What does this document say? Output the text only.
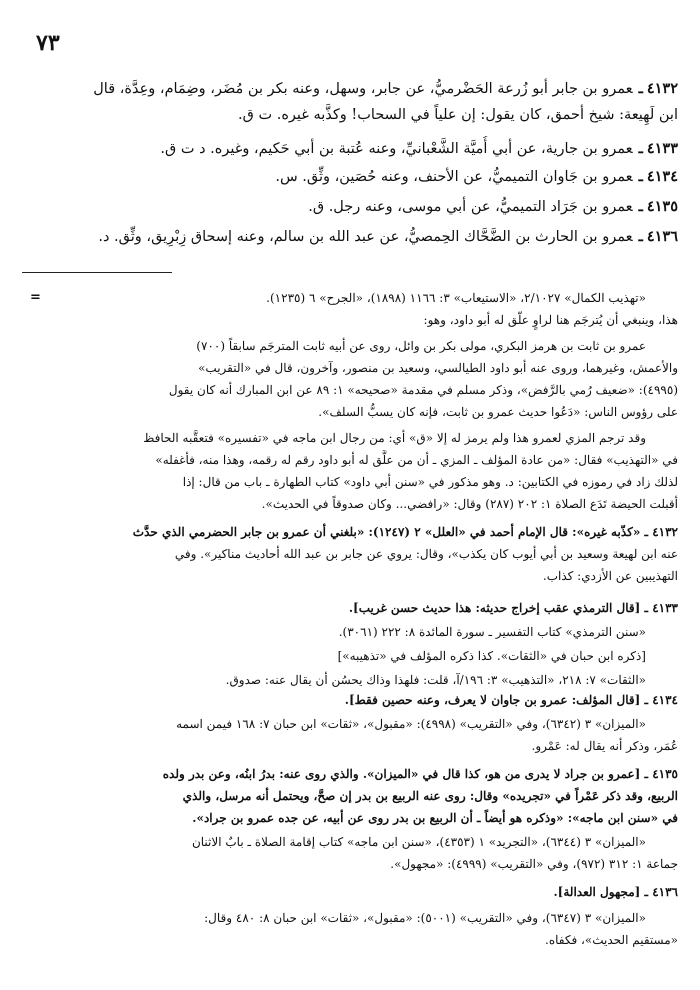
٧٣
٤١٣٢ـعمرو بن جابر أبو زُرعة الحَضْرميُّ، عن جابر، وسهل، وعنه بكر بن مُضَر، وضِمَام، وعِدَّة، قال
ابن لَهِيعة: شيخ أحمق، كان يقول: إن علياً في السحاب! وكذَّبه غيره. ت ق.
٤١٣٣ـعمرو بن جارية، عن أبي أُميَّة الشَّعْبانيِّ، وعنه عُتبة بن أبي حَكيم، وغيره. د ت ق.
٤١٣٤ـعمرو بن جَاوان التميميُّ، عن الأحنف، وعنه حُصَين، وثِّق. س.
٤١٣٥ـعمرو بن جَرَاد التميميُّ، عن أبي موسى، وعنه رجل. ق.
٤١٣٦ـعمرو بن الحارث بن الضَّحَّاك الحِمصيُّ، عن عبد الله بن سالم، وعنه إسحاق زِبْرِيق، وثِّق. د.
=	«تهذيب الكمال» ٢/١٠٢٧، «الاستيعاب» ٣: ١١٦٦ (١٨٩٨)، «الجرح» ٦ (١٢٣٥).
هذا، وينبغي أن يُترجَم هنا لراوٍ علّق له أبو داود، وهو:
عمرو بن ثابت بن هرمز البكري، مولى بكر بن وائل، روى عن أبيه ثابت المترجَم سابقاً (٧٠٠)
والأعمش، وغيرهما، وروى عنه أبو داود الطيالسي، وسعيد بن منصور، وآخرون، قال في «التقريب»
(٤٩٩٥): «ضعيف رُمي بالرَّفض»، وذكر مسلم في مقدمة «صحيحه» ١: ٨٩ عن ابن المبارك أنه كان يقول
على رؤوس الناس: «دَعُوا حديث عمرو بن ثابت، فإنه كان يسبُّ السلف».
وقد ترجم المزي لعمرو هذا ولم يرمز له إلا «ق» أي: من رجال ابن ماجه في «تفسيره» فتعقَّبه الحافظ
في «التهذيب» فقال: «من عادة المؤلف ـ المزي ـ أن من علَّق له أبو داود رقم له رقمه، وهذا منه، فأغفله»
لذلك زاد في رموزه في الكتابين: د. وهو مذكور في «سنن أبي داود» كتاب الطهارة ـ باب من قال: إذا
أقبلت الحيضة تَدَع الصلاة ١: ٢٠٢ (٢٨٧) وقال: «رافضي... وكان صدوقاً في الحديث».
٤١٣٢ ـ «كذّبه غيره»: قال الإمام أحمد في «العلل» ٢ (١٢٤٧): «بلغني أن عمرو بن جابر الحضرمي الذي حدَّث
عنه ابن لهيعة وسعيد بن أبي أيوب كان يكذب»، وقال: يروي عن جابر بن عبد الله أحاديث مناكير». وفي
التهذيبين عن الأزدي: كذاب.
٤١٣٣ ـ [قال الترمذي عقب إخراج حديثه: هذا حديث حسن غريب].
«سنن الترمذي» كتاب التفسير ـ سورة المائدة ٨: ٢٢٢ (٣٠٦١).
[ذكره ابن حبان في «الثقات». كذا ذكره المؤلف في «تذهيبه»]
«الثقات» ٧: ٢١٨، «التذهيب» ٣: ١٩٦/آ، قلت: فلهذا وذاك يحسُن أن يقال عنه: صدوق.
٤١٣٤ ـ [قال المؤلف: عمرو بن جاوان لا يعرف، وعنه حصين فقط].
«الميزان» ٣ (٦٣٤٢)، وفي «التقريب» (٤٩٩٨): «مقبول»، «ثقات» ابن حبان ٧: ١٦٨ فيمن اسمه
عُمَر، وذكر أنه يقال له: عَمْرو.
٤١٣٥ ـ [عمرو بن جراد لا يدرى من هو، كذا قال في «الميزان». والذي روى عنه: بدرُ ابنُه، وعن بدر ولده
الربيع، وقد ذكر عَمْراً في «تجريده» وقال: روى عنه الربيع بن بدر إن صحَّ، ويحتمل أنه مرسل، والذي
في «سنن ابن ماجه»: «وذكره هو أيضاً ـ أن الربيع بن بدر روى عن أبيه، عن جده عمرو بن جراد».
«الميزان» ٣ (٦٣٤٤)، «التجريد» ١ (٤٣٥٣)، «سنن ابن ماجه» كتاب إقامة الصلاة ـ بابٌ الاثنان
جماعة ١: ٣١٢ (٩٧٢)، وفي «التقريب» (٤٩٩٩): «مجهول».
٤١٣٦ ـ [مجهول العدالة].
«الميزان» ٣ (٦٣٤٧)، وفي «التقريب» (٥٠٠١): «مقبول»، «ثقات» ابن حبان ٨: ٤٨٠ وقال:
«مستقيم الحديث»، فكفاه.
